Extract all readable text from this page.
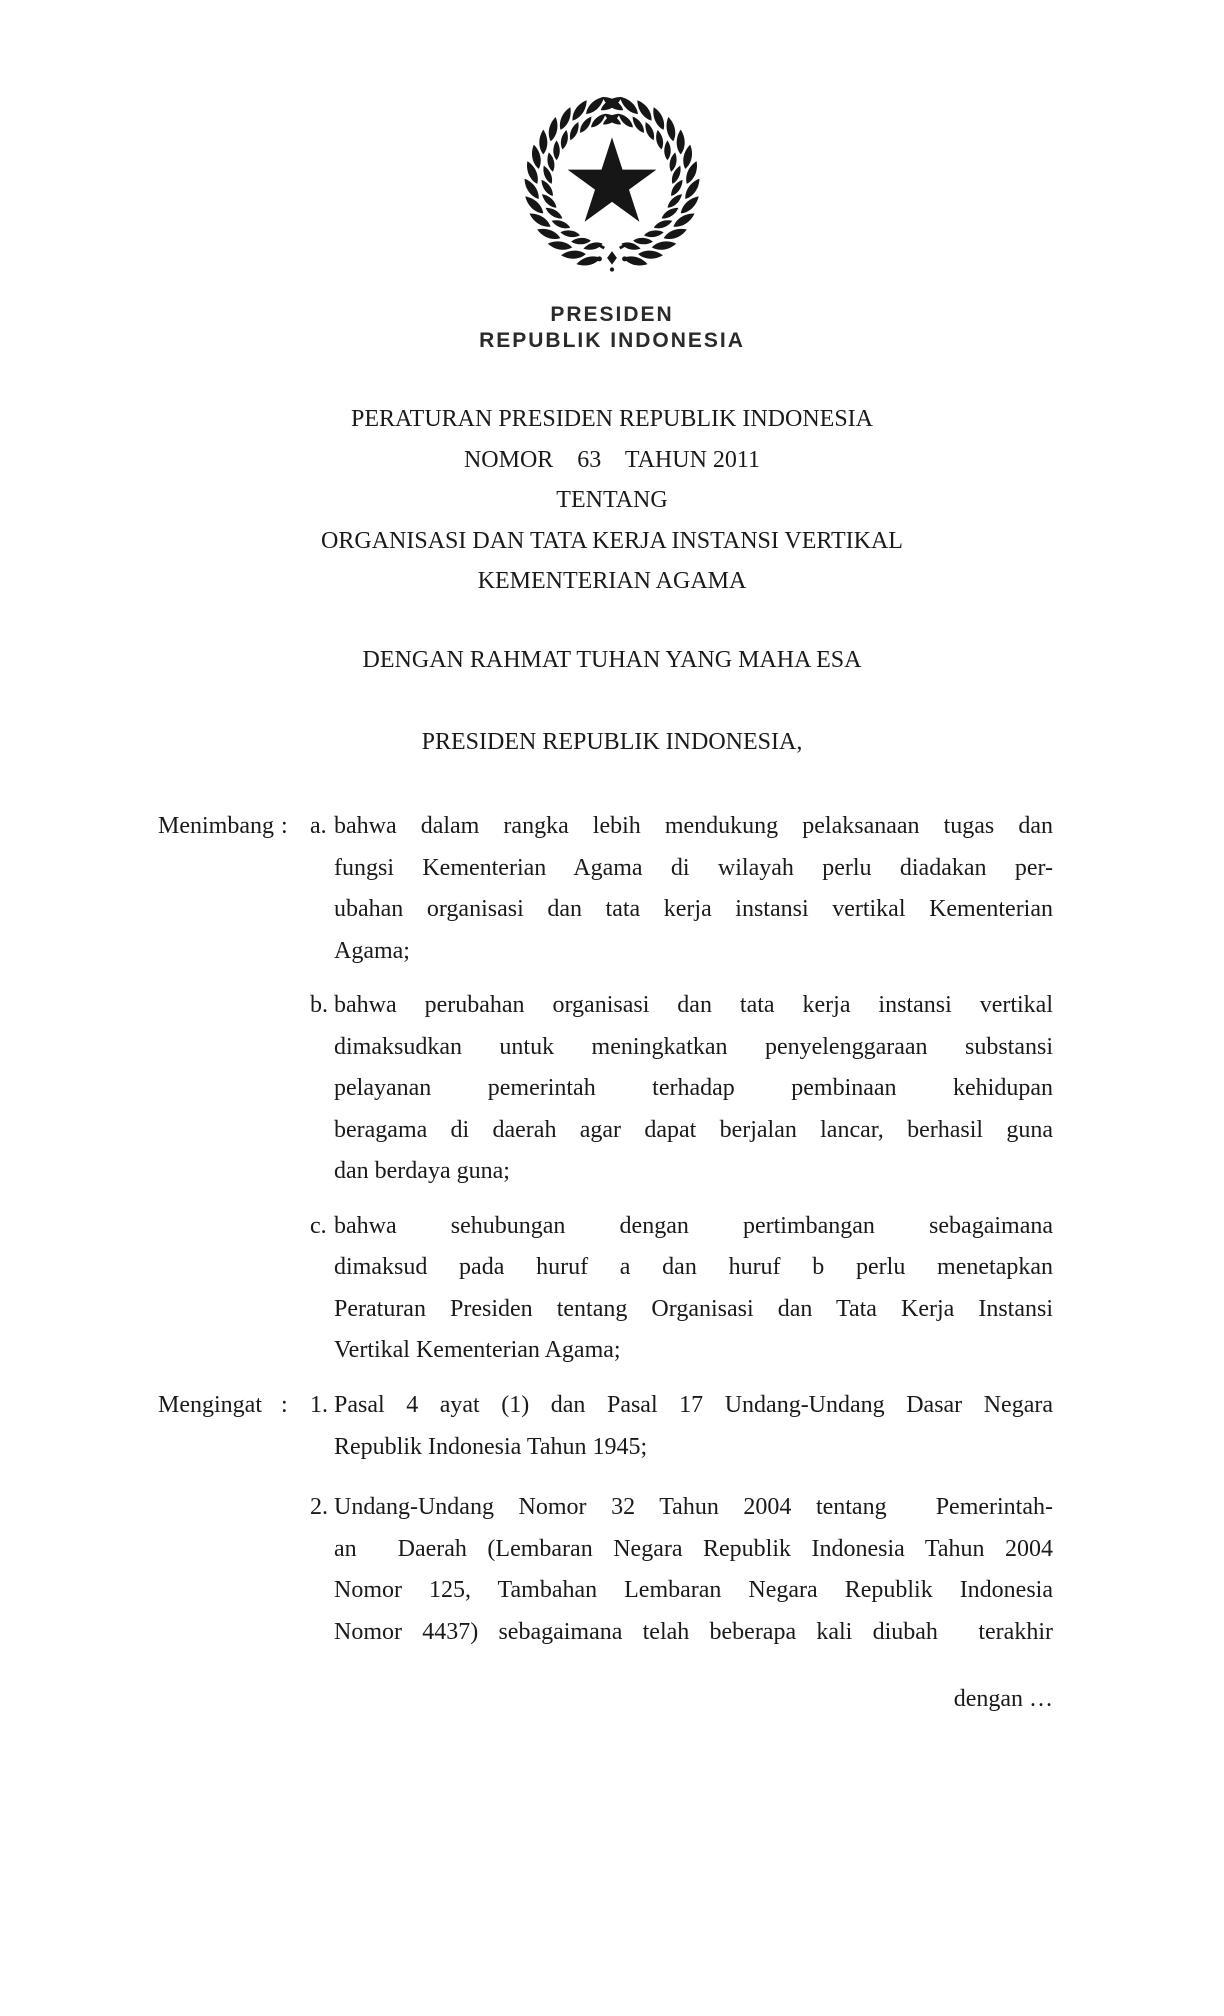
PRESIDEN
REPUBLIK INDONESIA
PERATURAN PRESIDEN REPUBLIK INDONESIA
NOMOR    63    TAHUN 2011
TENTANG
ORGANISASI DAN TATA KERJA INSTANSI VERTIKAL
KEMENTERIAN AGAMA
DENGAN RAHMAT TUHAN YANG MAHA ESA
PRESIDEN REPUBLIK INDONESIA,
Menimbang : a. bahwa dalam rangka lebih mendukung pelaksanaan tugas dan
fungsi Kementerian Agama di wilayah perlu diadakan per-
ubahan organisasi dan tata kerja instansi vertikal Kementerian
Agama;
b. bahwa perubahan organisasi dan tata kerja instansi vertikal
dimaksudkan untuk meningkatkan penyelenggaraan substansi
pelayanan pemerintah terhadap pembinaan kehidupan
beragama di daerah agar dapat berjalan lancar, berhasil guna
dan berdaya guna;
c. bahwa sehubungan dengan pertimbangan sebagaimana
dimaksud pada huruf a dan huruf b perlu menetapkan
Peraturan Presiden tentang Organisasi dan Tata Kerja Instansi
Vertikal Kementerian Agama;
Mengingat : 1. Pasal 4 ayat (1) dan Pasal 17 Undang-Undang Dasar Negara
Republik Indonesia Tahun 1945;
2. Undang-Undang Nomor 32 Tahun 2004 tentang  Pemerintah-
an  Daerah (Lembaran Negara Republik Indonesia Tahun 2004
Nomor 125, Tambahan Lembaran Negara Republik Indonesia
Nomor 4437) sebagaimana telah beberapa kali diubah  terakhir
dengan …
